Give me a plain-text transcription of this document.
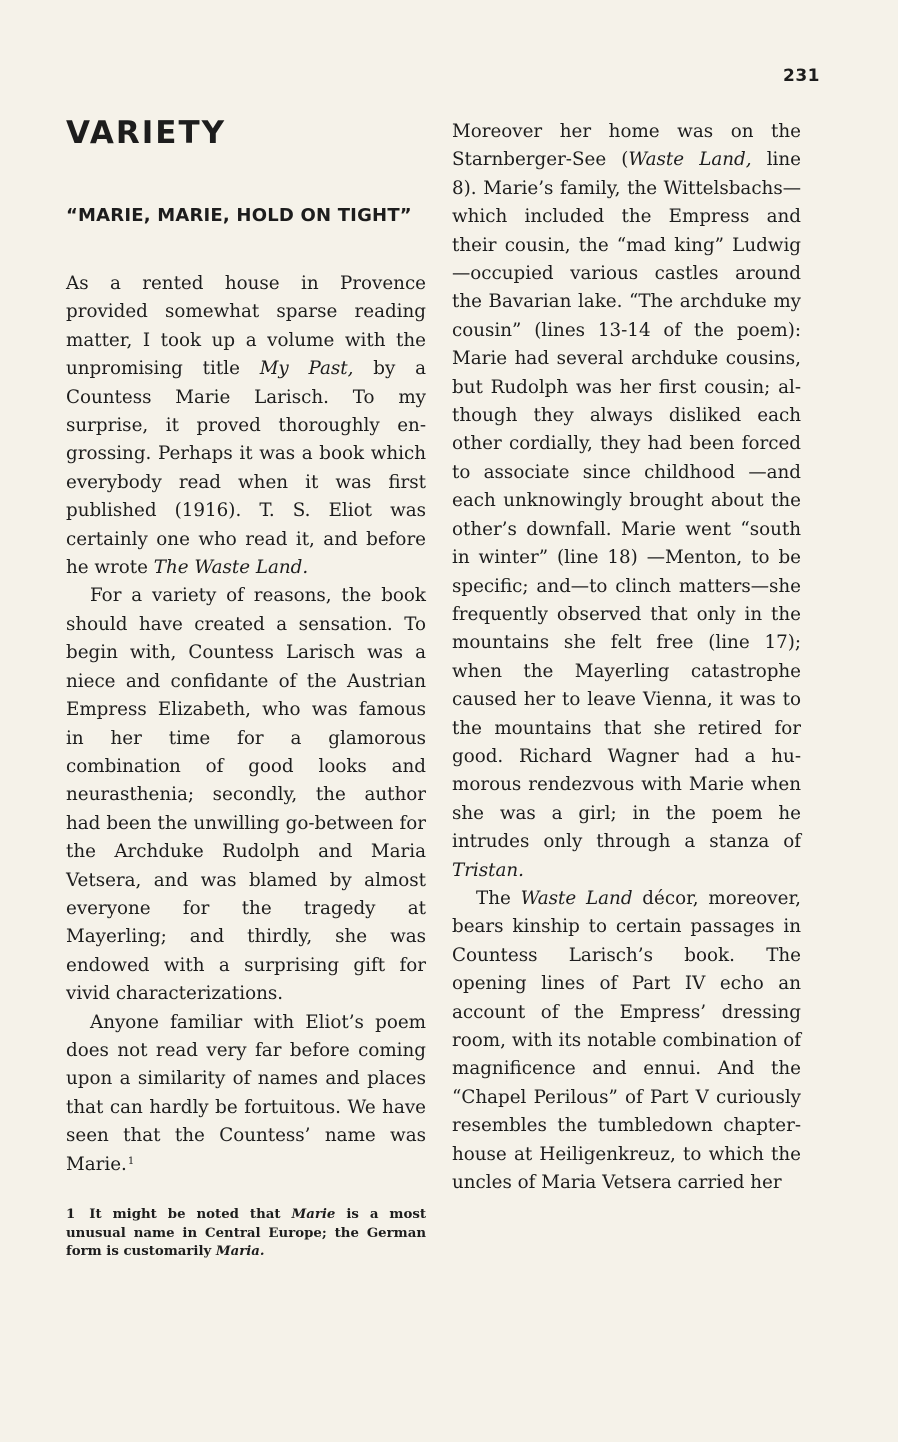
231
VARIETY
“MARIE, MARIE, HOLD ON TIGHT”

As a rented house in Provence provided somewhat sparse reading matter, I took up a volume with the unpromising title My Past, by a Countess Marie Larisch. To my surprise, it proved thoroughly engrossing. Perhaps it was a book which everybody read when it was first published (1916). T. S. Eliot was certainly one who read it, and before he wrote The Waste Land.

For a variety of reasons, the book should have created a sensation. To begin with, Countess Larisch was a niece and confidante of the Austrian Empress Elizabeth, who was famous in her time for a glamorous combination of good looks and neurasthenia; secondly, the author had been the unwilling go-between for the Archduke Rudolph and Maria Vetsera, and was blamed by almost everyone for the tragedy at Mayerling; and thirdly, she was endowed with a surprising gift for vivid characterizations.

Anyone familiar with Eliot’s poem does not read very far before coming upon a similarity of names and places that can hardly be fortuitous. We have seen that the Countess’ name was Marie.$^1$

1 It might be noted that Marie is a most unusual name in Central Europe; the German form is customarily Maria.

Moreover her home was on the Starnberger-See (Waste Land, line 8). Marie’s family, the Wittelsbachs—which included the Empress and their cousin, the “mad king” Ludwig—occupied various castles around the Bavarian lake. “The archduke my cousin” (lines 13-14 of the poem): Marie had several archduke cousins, but Rudolph was her first cousin; although they always disliked each other cordially, they had been forced to associate since childhood —and each unknowingly brought about the other’s downfall. Marie went “south in winter” (line 18) —Menton, to be specific; and—to clinch matters—she frequently observed that only in the mountains she felt free (line 17); when the Mayerling catastrophe caused her to leave Vienna, it was to the mountains that she retired for good. Richard Wagner had a humorous rendezvous with Marie when she was a girl; in the poem he intrudes only through a stanza of Tristan.

The Waste Land décor, moreover, bears kinship to certain passages in Countess Larisch’s book. The opening lines of Part IV echo an account of the Empress’ dressing room, with its notable combination of magnificence and ennui. And the “Chapel Perilous” of Part V curiously resembles the tumbledown chapter-house at Heiligenkreuz, to which the uncles of Maria Vetsera carried her
